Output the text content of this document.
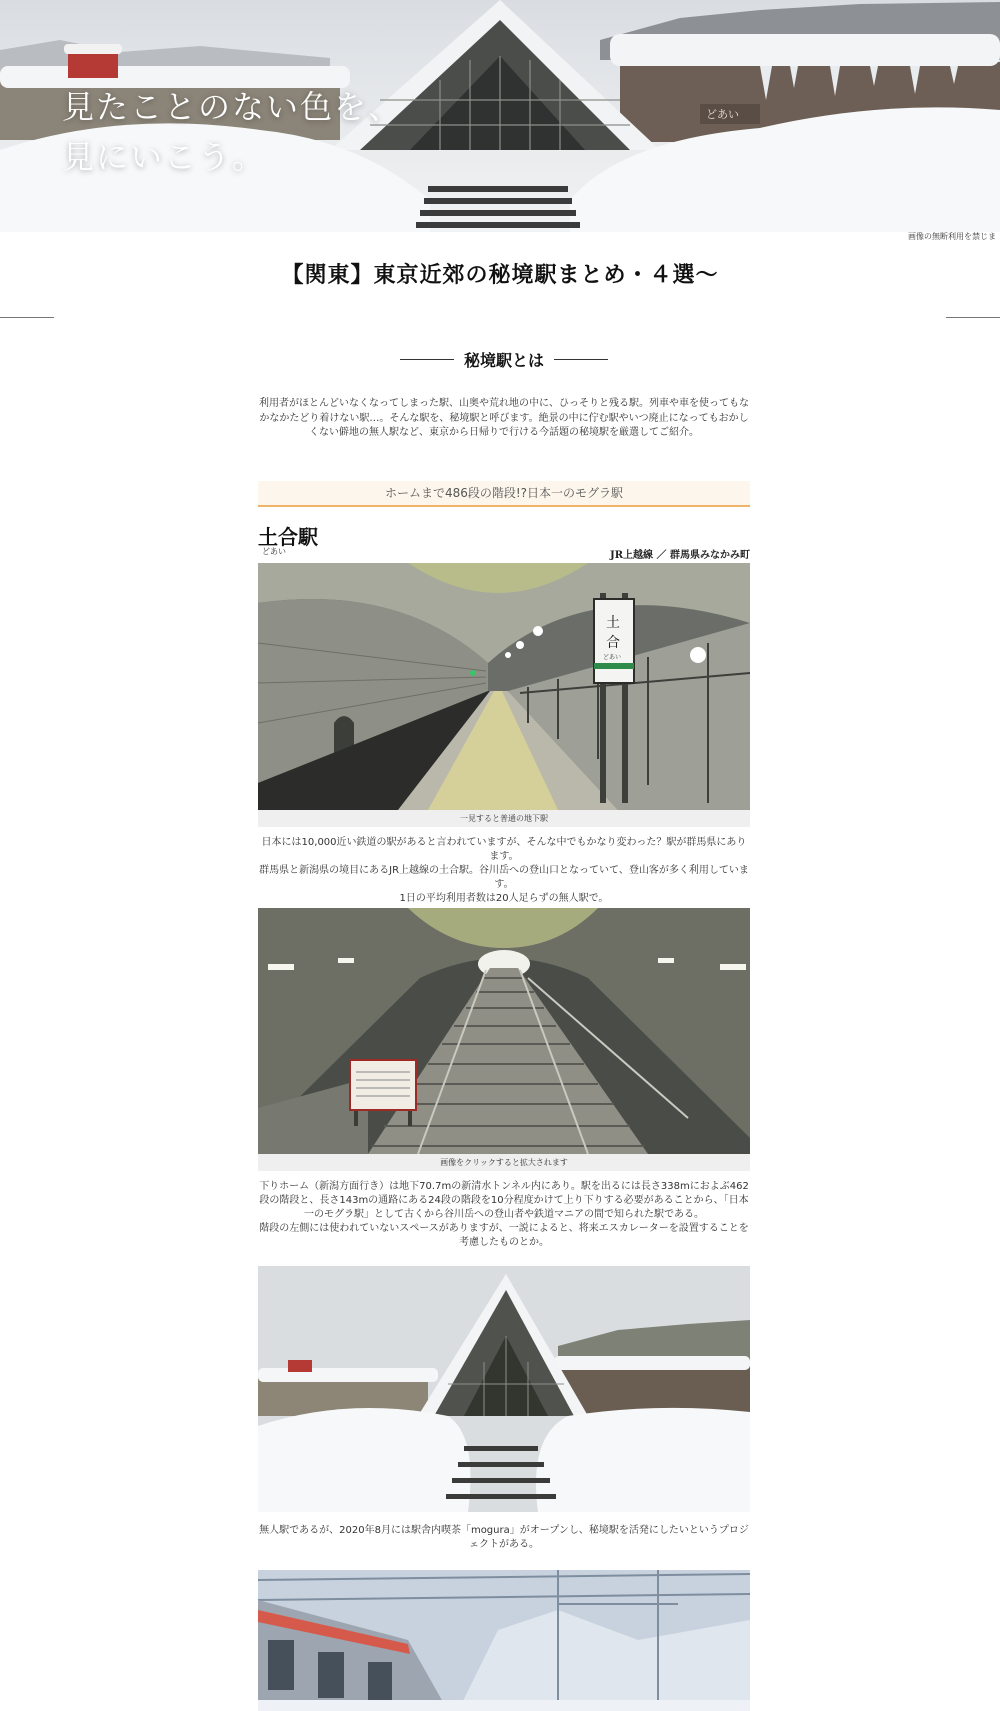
どあい
見たことのない色を、
見にいこう。
画像の無断利用を禁じま
【関東】東京近郊の秘境駅まとめ・４選〜
秘境駅とは
利用者がほとんどいなくなってしまった駅、山奥や荒れ地の中に、ひっそりと残る駅。列車や車を使ってもなかなかたどり着けない駅…。そんな駅を、秘境駅と呼びます。絶景の中に佇む駅やいつ廃止になってもおかしくない僻地の無人駅など、東京から日帰りで行ける今話題の秘境駅を厳選してご紹介。
ホームまで486段の階段!?日本一のモグラ駅
土合駅
どあい	JR上越線 ／ 群馬県みなかみ町
土
合
どあい
一見すると普通の地下駅
日本には10,000近い鉄道の駅があると言われていますが、そんな中でもかなり変わった？駅が群馬県にあります。
群馬県と新潟県の境目にあるJR上越線の土合駅。谷川岳への登山口となっていて、登山客が多く利用しています。
1日の平均利用者数は20人足らずの無人駅で。
画像をクリックすると拡大されます
下りホーム（新潟方面行き）は地下70.7mの新清水トンネル内にあり。駅を出るには長さ338mにおよぶ462段の階段と、長さ143mの通路にある24段の階段を10分程度かけて上り下りする必要があることから、「日本一のモグラ駅」として古くから谷川岳への登山者や鉄道マニアの間で知られた駅である。
階段の左側には使われていないスペースがありますが、一説によると、将来エスカレーターを設置することを考慮したものとか。
無人駅であるが、2020年8月には駅舎内喫茶「mogura」がオープンし、秘境駅を活発にしたいというプロジェクトがある。
